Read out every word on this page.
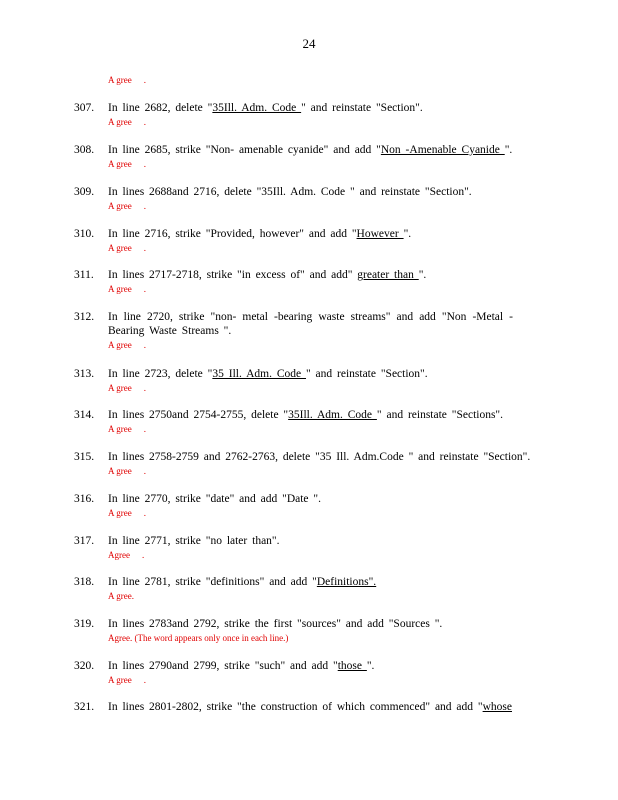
24
A gree .
307. In line 2682, delete "35Ill. Adm. Code " and reinstate "Section".
A gree .
308. In line 2685, strike "Non- amenable cyanide" and add "Non -Amenable Cyanide ".
A gree .
309. In lines 2688and 2716, delete "35Ill. Adm. Code " and reinstate "Section".
A gree .
310. In line 2716, strike "Provided, however" and add "However ".
A gree .
311. In lines 2717-2718, strike "in excess of" and add" greater than ".
A gree .
312. In line 2720, strike "non- metal -bearing waste streams" and add "Non -Metal -Bearing Waste Streams ".
A gree .
313. In line 2723, delete "35 Ill. Adm. Code " and reinstate "Section".
A gree .
314. In lines 2750and 2754-2755, delete "35Ill. Adm. Code " and reinstate "Sections".
A gree .
315. In lines 2758-2759 and 2762-2763, delete "35 Ill. Adm.Code " and reinstate "Section".
A gree .
316. In line 2770, strike "date" and add "Date ".
A gree .
317. In line 2771, strike "no later than".
Agree .
318. In line 2781, strike "definitions" and add "Definitions".
A gree.
319. In lines 2783and 2792, strike the first "sources" and add "Sources ".
Agree. (The word appears only once in each line.)
320. In lines 2790and 2799, strike "such" and add "those ".
A gree .
321. In lines 2801-2802, strike "the construction of which commenced" and add "whose
